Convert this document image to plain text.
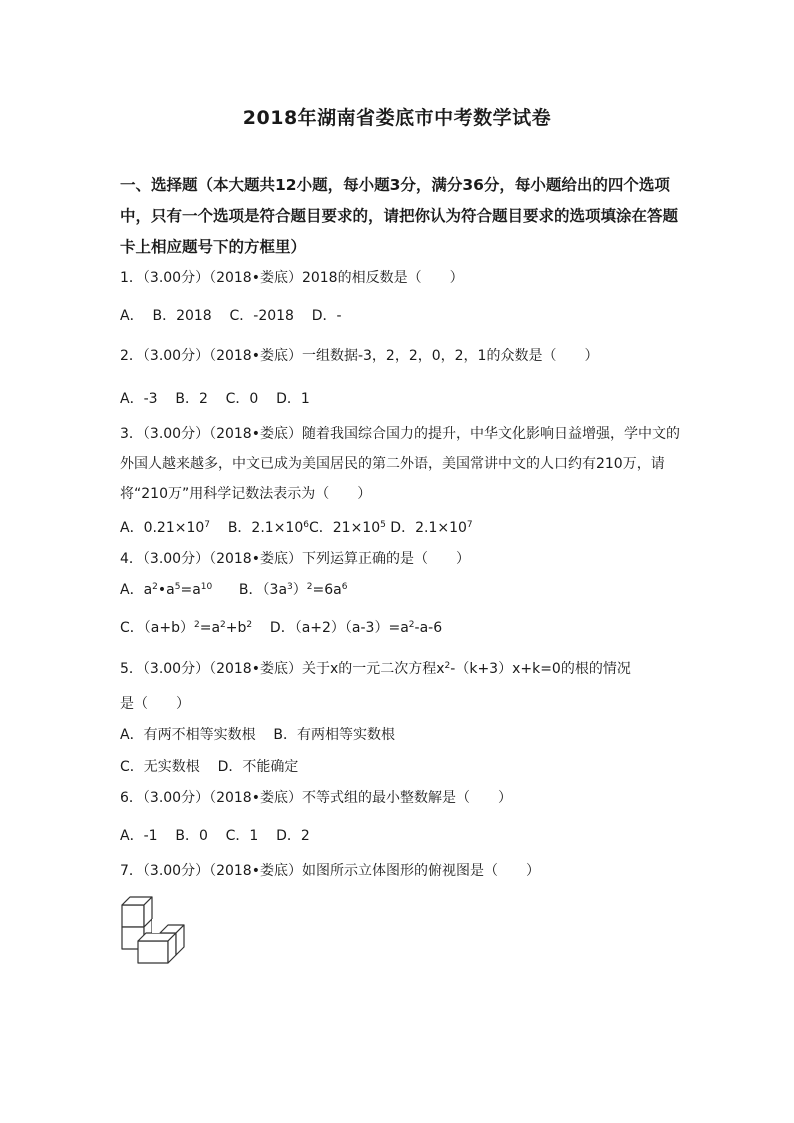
2018年湖南省娄底市中考数学试卷
一、选择题（本大题共12小题，每小题3分，满分36分，每小题给出的四个选项中，只有一个选项是符合题目要求的，请把你认为符合题目要求的选项填涂在答题卡上相应题号下的方框里）
1．（3.00分）（2018•娄底）2018的相反数是（　　）
A．  B．2018    C．-2018    D．-
2．（3.00分）（2018•娄底）一组数据-3，2，2，0，2，1的众数是（　　）
A．-3    B．2    C．0    D．1
3．（3.00分）（2018•娄底）随着我国综合国力的提升，中华文化影响日益增强，学中文的外国人越来越多，中文已成为美国居民的第二外语，美国常讲中文的人口约有210万，请将“210万”用科学记数法表示为（　　）
A．$0.21\times 10^7$    B．$2.1\times 10^6C$．$21\times 10^5$ D．$2.1\times 10^7$
4．（3.00分）（2018•娄底）下列运算正确的是（　　）
A．$a^2•a^5=a^{10}$      B．$(3a^3)^2=6a^6$
C．$(a+b)^2=a^2+b^2$    D．$(a+2)(a-3)=a^2-a-6$
5．（3.00分）（2018•娄底）关于x的一元二次方程$x^2-(k+3)x+k=0$的根的情况
是（　　）
A．有两不相等实数根    B．有两相等实数根
C．无实数根    D．不能确定
6．（3.00分）（2018•娄底）不等式组的最小整数解是（　　）
A．-1    B．0    C．1    D．2
7．（3.00分）（2018•娄底）如图所示立体图形的俯视图是（　　）
